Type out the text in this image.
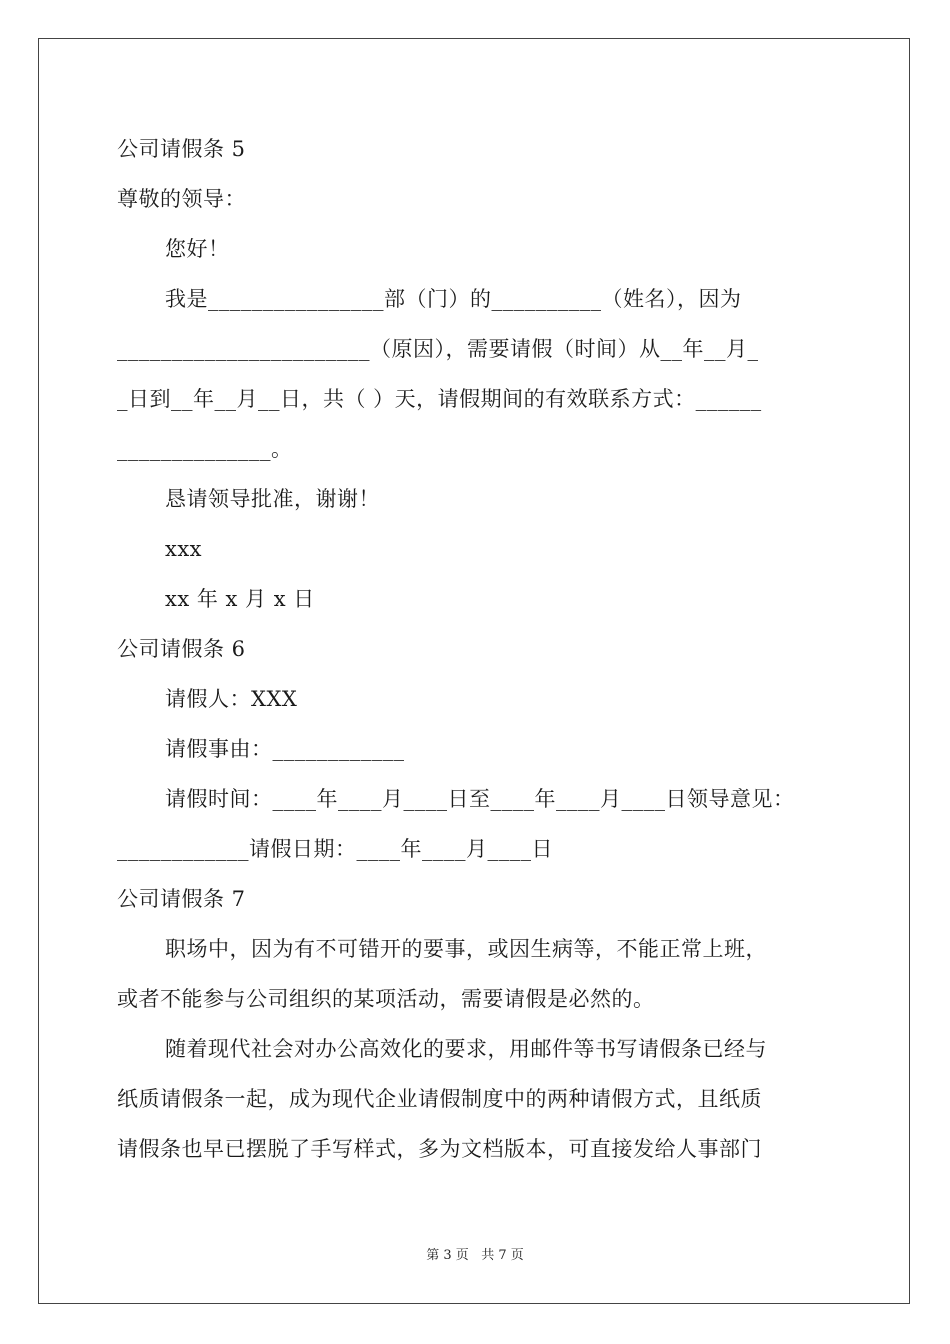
公司请假条 5
尊敬的领导：
您好！
我是________________部（门）的__________（姓名），因为
_______________________（原因），需要请假（时间）从__年__月_
_日到__年__月__日，共（ ）天，请假期间的有效联系方式：______
______________。
恳请领导批准，谢谢！
xxx
xx 年 x 月 x 日
公司请假条 6
请假人：XXX
请假事由：____________
请假时间：____年____月____日至____年____月____日领导意见：
____________请假日期：____年____月____日
公司请假条 7
职场中，因为有不可错开的要事，或因生病等，不能正常上班，
或者不能参与公司组织的某项活动，需要请假是必然的。
随着现代社会对办公高效化的要求，用邮件等书写请假条已经与
纸质请假条一起，成为现代企业请假制度中的两种请假方式，且纸质
请假条也早已摆脱了手写样式，多为文档版本，可直接发给人事部门
第 3 页   共 7 页
